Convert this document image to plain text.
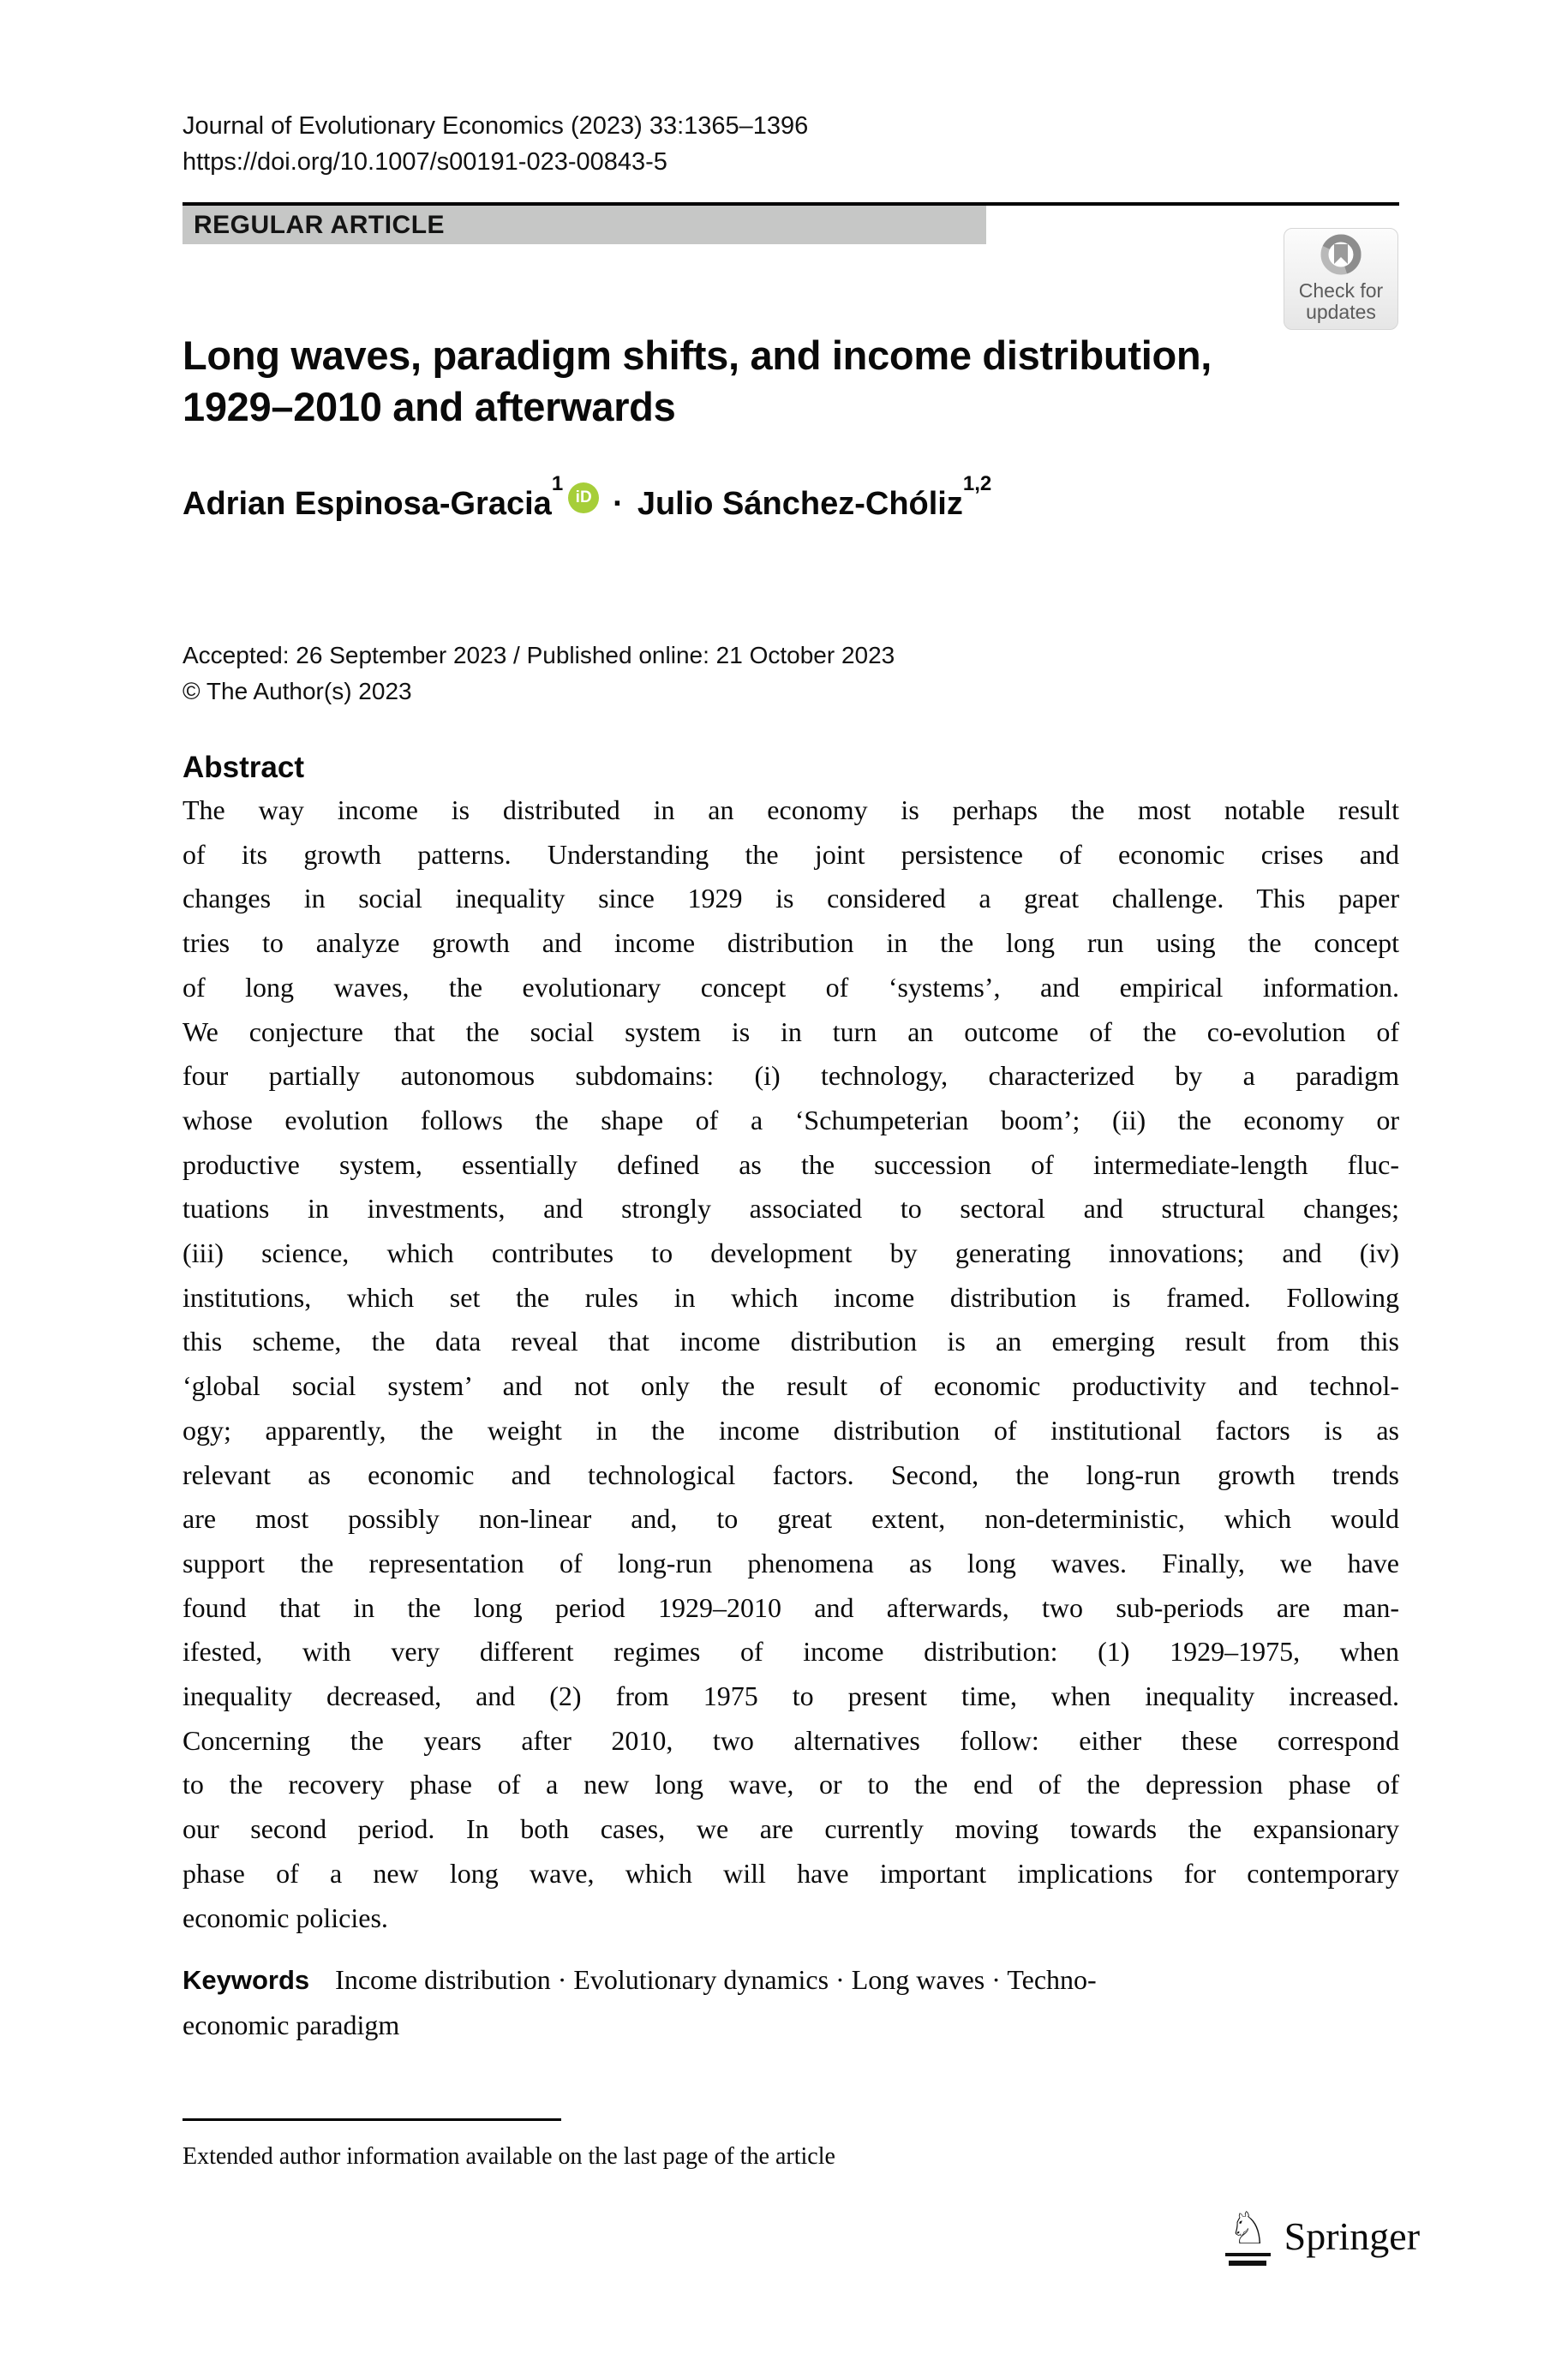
Journal of Evolutionary Economics (2023) 33:1365–1396
https://doi.org/10.1007/s00191-023-00843-5
REGULAR ARTICLE
Long waves, paradigm shifts, and income distribution,
1929–2010 and afterwards
Adrian Espinosa-Gracia$^1$
iD · Julio Sánchez-Chóliz$^{1,2}$
Accepted: 26 September 2023 / Published online: 21 October 2023
© The Author(s) 2023
Abstract
The way income is distributed in an economy is perhaps the most notable result
of its growth patterns. Understanding the joint persistence of economic crises and
changes in social inequality since 1929 is considered a great challenge. This paper
tries to analyze growth and income distribution in the long run using the concept
of long waves, the evolutionary concept of ‘systems’, and empirical information.
We conjecture that the social system is in turn an outcome of the co-evolution of
four partially autonomous subdomains: (i) technology, characterized by a paradigm
whose evolution follows the shape of a ‘Schumpeterian boom’; (ii) the economy or
productive system, essentially defined as the succession of intermediate-length fluc-
tuations in investments, and strongly associated to sectoral and structural changes;
(iii) science, which contributes to development by generating innovations; and (iv)
institutions, which set the rules in which income distribution is framed. Following
this scheme, the data reveal that income distribution is an emerging result from this
‘global social system’ and not only the result of economic productivity and technol-
ogy; apparently, the weight in the income distribution of institutional factors is as
relevant as economic and technological factors. Second, the long-run growth trends
are most possibly non-linear and, to great extent, non-deterministic, which would
support the representation of long-run phenomena as long waves. Finally, we have
found that in the long period 1929–2010 and afterwards, two sub-periods are man-
ifested, with very different regimes of income distribution: (1) 1929–1975, when
inequality decreased, and (2) from 1975 to present time, when inequality increased.
Concerning the years after 2010, two alternatives follow: either these correspond
to the recovery phase of a new long wave, or to the end of the depression phase of
our second period. In both cases, we are currently moving towards the expansionary
phase of a new long wave, which will have important implications for contemporary
economic policies.
Keywords Income distribution · Evolutionary dynamics · Long waves · Techno-
economic paradigm
Check for
updates
Extended author information available on the last page of the article
♘ Springer
